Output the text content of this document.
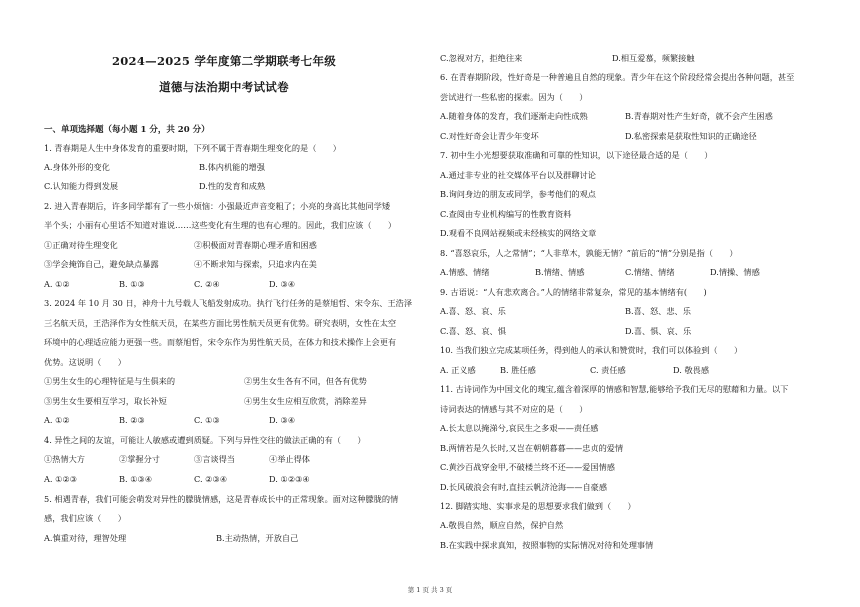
2024—2025 学年度第二学期联考七年级
道德与法治期中考试试卷
一、单项选择题（每小题 1 分，共 20 分）
1. 青春期是人生中身体发育的重要时期，下列不属于青春期生理变化的是（　　）
A.身体外形的变化	B.体内机能的增强
C.认知能力得到发展	D.性的发育和成熟
2. 进入青春期后，许多同学都有了一些小烦恼：小强最近声音变粗了；小亮的身高比其他同学矮
半个头；小丽有心里话不知道对谁说……这些变化有生理的也有心理的。因此，我们应该（　　）
①正确对待生理变化	②积极面对青春期心理矛盾和困惑
③学会掩饰自己，避免缺点暴露	④不断求知与探索，只追求内在美
A. ①②	B. ①③	C. ②④	D. ③④
3. 2024 年 10 月 30 日，神舟十九号载人飞船发射成功。执行飞行任务的是蔡旭哲、宋令东、王浩泽
三名航天员，王浩泽作为女性航天员，在某些方面比男性航天员更有优势。研究表明，女性在太空
环境中的心理适应能力更强一些。而蔡旭哲，宋令东作为男性航天员，在体力和技术操作上会更有
优势。这说明（　　）
①男生女生的心理特征是与生俱来的	②男生女生各有不同，但各有优势
③男生女生要相互学习，取长补短	④男生女生应相互欣赏，消除差异
A. ①②	B. ②③	C. ①③	D. ③④
4. 异性之间的友谊，可能让人敏感或遭到质疑。下列与异性交往的做法正确的有（　　）
①热情大方	②掌握分寸	③言谈得当	④举止得体
A. ①②③	B. ①③④	C. ②③④	D. ①②③④
5. 相遇青春，我们可能会萌发对异性的朦胧情感，这是青春成长中的正常现象。面对这种朦胧的情
感，我们应该（　　）
A.慎重对待，理智处理	B.主动热情，开放自己
C.忽视对方，拒绝往来	D.相互爱慕，频繁接触
6. 在青春期阶段，性好奇是一种普遍且自然的现象。青少年在这个阶段经常会提出各种问题，甚至
尝试进行一些私密的探索。因为（　　）
A.随着身体的发育，我们逐渐走向性成熟	B.青春期对性产生好奇，就不会产生困惑
C.对性好奇会让青少年变坏	D.私密探索是获取性知识的正确途径
7. 初中生小光想要获取准确和可靠的性知识，以下途径最合适的是（　　）
A.通过非专业的社交媒体平台以及群聊讨论
B.询问身边的朋友或同学，参考他们的观点
C.查阅由专业机构编写的性教育资料
D.观看不良网站视频或未经核实的网络文章
8. “喜怒哀乐，人之常情”；“人非草木，孰能无情？”前后的“情”分别是指（　　）
A.情感、情绪	B.情绪、情感	C.情绪、情绪	D.情操、情感
9. 古语说：“人有悲欢离合。”人的情绪非常复杂，常见的基本情绪有(　　)
A.喜、怒、哀、乐	B.喜、怒、悲、乐
C.喜、怒、哀、惧	D.喜、惧、哀、乐
10. 当我们独立完成某项任务，得到他人的承认和赞赏时，我们可以体验到（　　）
A. 正义感	B. 胜任感	C. 责任感	D. 敬畏感
11. 古诗词作为中国文化的瑰宝,蕴含着深厚的情感和智慧,能够给予我们无尽的慰藉和力量。以下
诗词表达的情感与其不对应的是（　　）
A.长太息以掩涕兮,哀民生之多艰——责任感
B.两情若是久长时,又岂在朝朝暮暮——忠贞的爱情
C.黄沙百战穿金甲,不破楼兰终不还——爱国情感
D.长风破浪会有时,直挂云帆济沧海——自豪感
12. 脚踏实地、实事求是的思想要求我们做到（　　）
A.敬畏自然，顺应自然，保护自然
B.在实践中探求真知，按照事物的实际情况对待和处理事情
第 1 页 共 3 页
